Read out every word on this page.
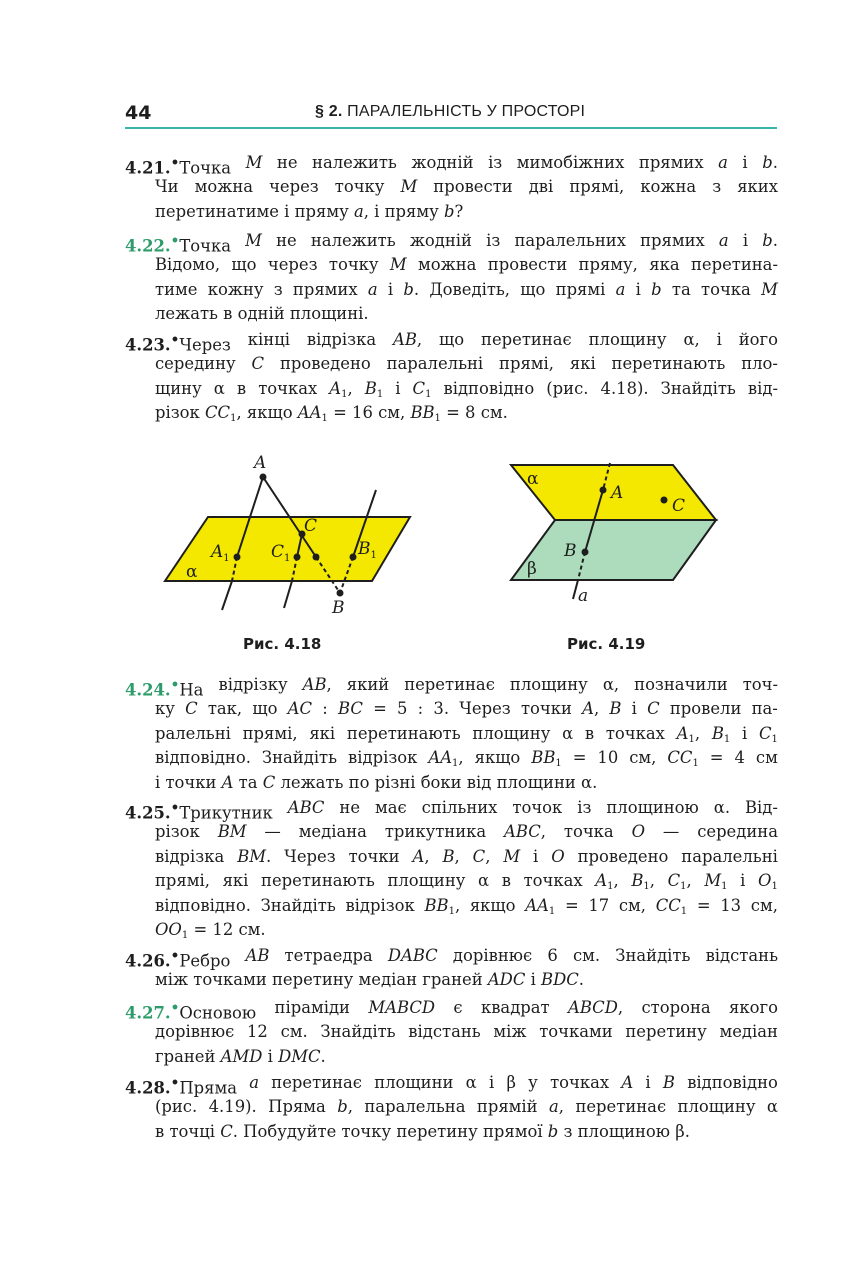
44	§ 2. ПАРАЛЕЛЬНІСТЬ У ПРОСТОРІ
4.21.•Точка M не належить жодній із мимобіжних прямих a і b.
Чи можна через точку M провести дві прямі, кожна з яких
перетинатиме і пряму a, і пряму b?
4.22.•Точка M не належить жодній із паралельних прямих a і b.
Відомо, що через точку M можна провести пряму, яка перетина-
тиме кожну з прямих a і b. Доведіть, що прямі a і b та точка M
лежать в одній площині.
4.23.•Через кінці відрізка AB, що перетинає площину α, і його
середину C проведено паралельні прямі, які перетинають пло-
щину α в точках $A_1$, $B_1$ і $C_1$ відповідно (рис. 4.18). Знайдіть від-
різок $CC_1$, якщо $AA_1 = 16$ см, $BB_1 = 8$ см.
A
C
$A_1$ $C_1$	$B_1$
B
α
Рис. 4.18
α
β
A
C
B
a
Рис. 4.19
4.24.•На відрізку AB, який перетинає площину α, позначили точ-
ку C так, що AC : BC = 5 : 3. Через точки A, B і C провели па-
ралельні прямі, які перетинають площину α в точках $A_1$, $B_1$ і $C_1$
відповідно. Знайдіть відрізок $AA_1$, якщо $BB_1 = 10$ см, $CC_1 = 4$ см
і точки A та C лежать по різні боки від площини α.
4.25.•Трикутник ABC не має спільних точок із площиною α. Від-
різок BM — медіана трикутника ABC, точка O — середина
відрізка BM. Через точки A, B, C, M і O проведено паралельні
прямі, які перетинають площину α в точках $A_1$, $B_1$, $C_1$, $M_1$ і $O_1$
відповідно. Знайдіть відрізок $BB_1$, якщо $AA_1 = 17$ см, $CC_1 = 13$ см,
$OO_1 = 12$ см.
4.26.•Ребро AB тетраедра DABC дорівнює 6 см. Знайдіть відстань
між точками перетину медіан граней ADC і BDC.
4.27.•Основою піраміди MABCD є квадрат ABCD, сторона якого
дорівнює 12 см. Знайдіть відстань між точками перетину медіан
граней AMD і DMC.
4.28.•Пряма a перетинає площини α і β у точках A і B відповідно
(рис. 4.19). Пряма b, паралельна прямій a, перетинає площину α
в точці C. Побудуйте точку перетину прямої b з площиною β.
